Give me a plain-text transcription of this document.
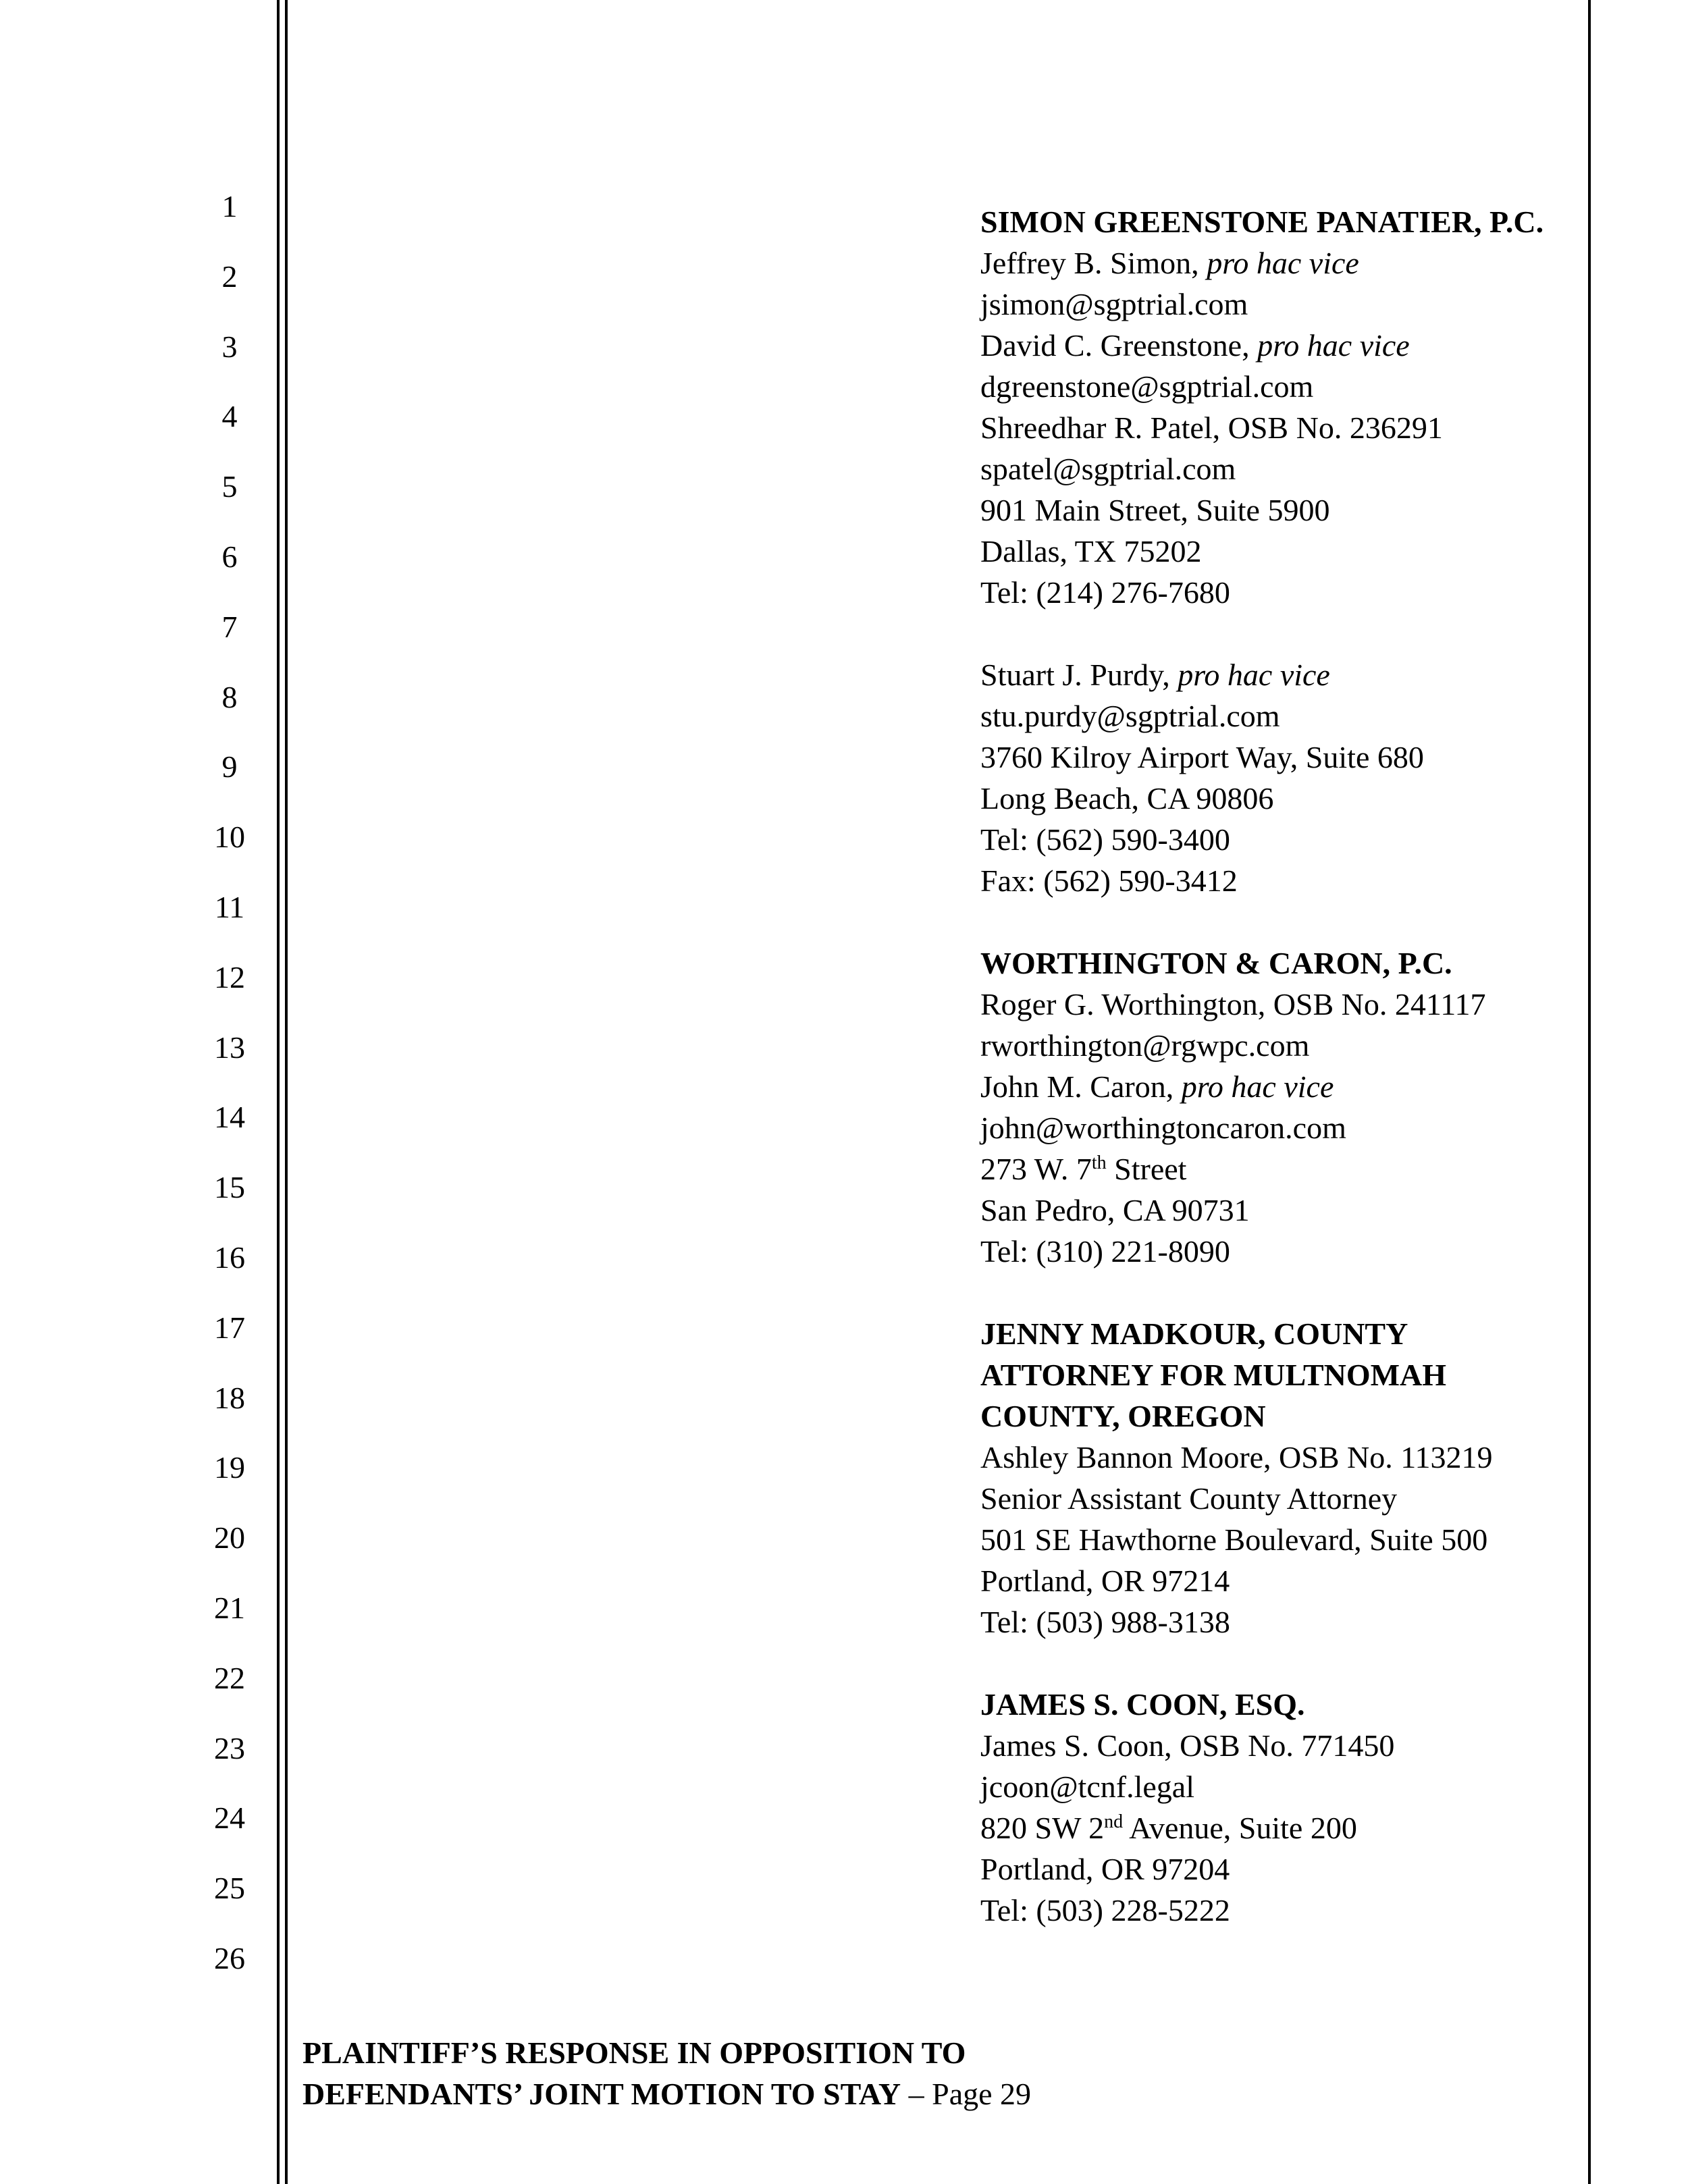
1
2
3
4
5
6
7
8
9
10
11
12
13
14
15
16
17
18
19
20
21
22
23
24
25
26
SIMON GREENSTONE PANATIER, P.C.
Jeffrey B. Simon, pro hac vice
jsimon@sgptrial.com
David C. Greenstone, pro hac vice
dgreenstone@sgptrial.com
Shreedhar R. Patel, OSB No. 236291
spatel@sgptrial.com
901 Main Street, Suite 5900
Dallas, TX 75202
Tel: (214) 276-7680
Stuart J. Purdy, pro hac vice
stu.purdy@sgptrial.com
3760 Kilroy Airport Way, Suite 680
Long Beach, CA 90806
Tel: (562) 590-3400
Fax: (562) 590-3412
WORTHINGTON & CARON, P.C.
Roger G. Worthington, OSB No. 241117
rworthington@rgwpc.com
John M. Caron, pro hac vice
john@worthingtoncaron.com
273 W. 7th Street
San Pedro, CA 90731
Tel: (310) 221-8090
JENNY MADKOUR, COUNTY
ATTORNEY FOR MULTNOMAH
COUNTY, OREGON
Ashley Bannon Moore, OSB No. 113219
Senior Assistant County Attorney
501 SE Hawthorne Boulevard, Suite 500
Portland, OR 97214
Tel: (503) 988-3138
JAMES S. COON, ESQ.
James S. Coon, OSB No. 771450
jcoon@tcnf.legal
820 SW 2nd Avenue, Suite 200
Portland, OR 97204
Tel: (503) 228-5222
PLAINTIFF’S RESPONSE IN OPPOSITION TO
DEFENDANTS’ JOINT MOTION TO STAY – Page 29
